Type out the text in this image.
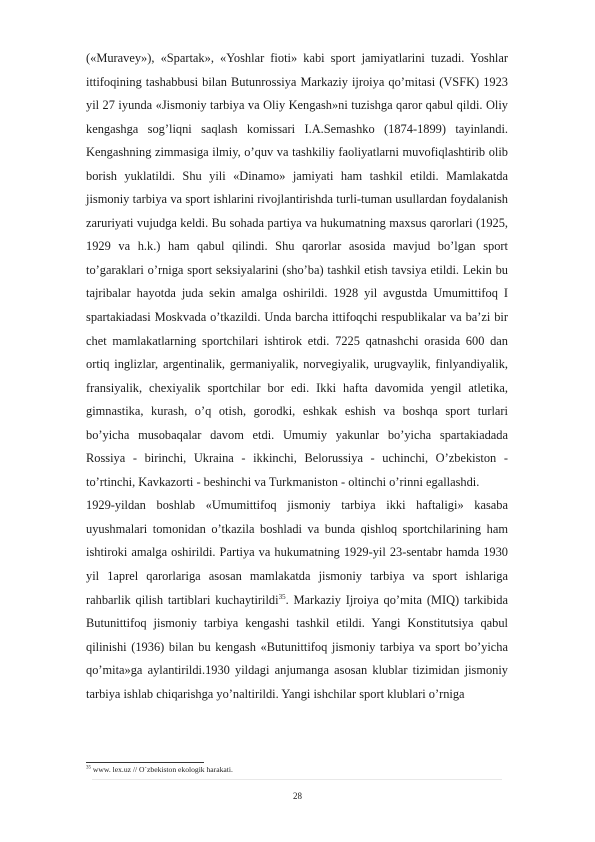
(«Muravey»), «Spartak», «Yoshlar fioti» kabi sport jamiyatlarini tuzadi. Yoshlar ittifoqining tashabbusi bilan Butunrossiya Markaziy ijroiya qo’mitasi (VSFK) 1923 yil 27 iyunda «Jismoniy tarbiya va Oliy Kengash»ni tuzishga qaror qabul qildi. Oliy kengashga sog’liqni saqlash komissari I.A.Semashko (1874-1899) tayinlandi. Kengashning zimmasiga ilmiy, o’quv va tashkiliy faoliyatlarni muvofiqlashtirib olib borish yuklatildi. Shu yili «Dinamo» jamiyati ham tashkil etildi. Mamlakatda jismoniy tarbiya va sport ishlarini rivojlantirishda turli-tuman usullardan foydalanish zaruriyati vujudga keldi. Bu sohada partiya va hukumatning maxsus qarorlari (1925, 1929 va h.k.) ham qabul qilindi. Shu qarorlar asosida mavjud bo’lgan sport to’garaklari o’rniga sport seksiyalarini (sho’ba) tashkil etish tavsiya etildi. Lekin bu tajribalar hayotda juda sekin amalga oshirildi. 1928 yil avgustda Umumittifoq I spartakiadasi Moskvada o’tkazildi. Unda barcha ittifoqchi respublikalar va ba’zi bir chet mamlakatlarning sportchilari ishtirok etdi. 7225 qatnashchi orasida 600 dan ortiq inglizlar, argentinalik, germaniyalik, norvegiyalik, urugvaylik, finlyandiyalik, fransiyalik, chexiyalik sportchilar bor edi. Ikki hafta davomida yengil atletika, gimnastika, kurash, o’q otish, gorodki, eshkak eshish va boshqa sport turlari bo’yicha musobaqalar davom etdi. Umumiy yakunlar bo’yicha spartakiadada Rossiya - birinchi, Ukraina - ikkinchi, Belorussiya - uchinchi, O’zbekiston - to’rtinchi, Kavkazorti - beshinchi va Turkmaniston - oltinchi o’rinni egallashdi.

1929-yildan boshlab «Umumittifoq jismoniy tarbiya ikki haftaligi» kasaba uyushmalari tomonidan o’tkazila boshladi va bunda qishloq sportchilarining ham ishtiroki amalga oshirildi. Partiya va hukumatning 1929-yil 23-sentabr hamda 1930 yil 1aprel qarorlariga asosan mamlakatda jismoniy tarbiya va sport ishlariga rahbarlik qilish tartiblari kuchaytirildi$^{35}$. Markaziy Ijroiya qo’mita (MIQ) tarkibida Butunittifoq jismoniy tarbiya kengashi tashkil etildi. Yangi Konstitutsiya qabul qilinishi (1936) bilan bu kengash «Butunittifoq jismoniy tarbiya va sport bo’yicha qo’mita»ga aylantirildi.1930 yildagi anjumanga asosan klublar tizimidan jismoniy tarbiya ishlab chiqarishga yo’naltirildi. Yangi ishchilar sport klublari o’rniga

$^{35}$ www. lex.uz // O`zbekiston ekologik harakati.
28
